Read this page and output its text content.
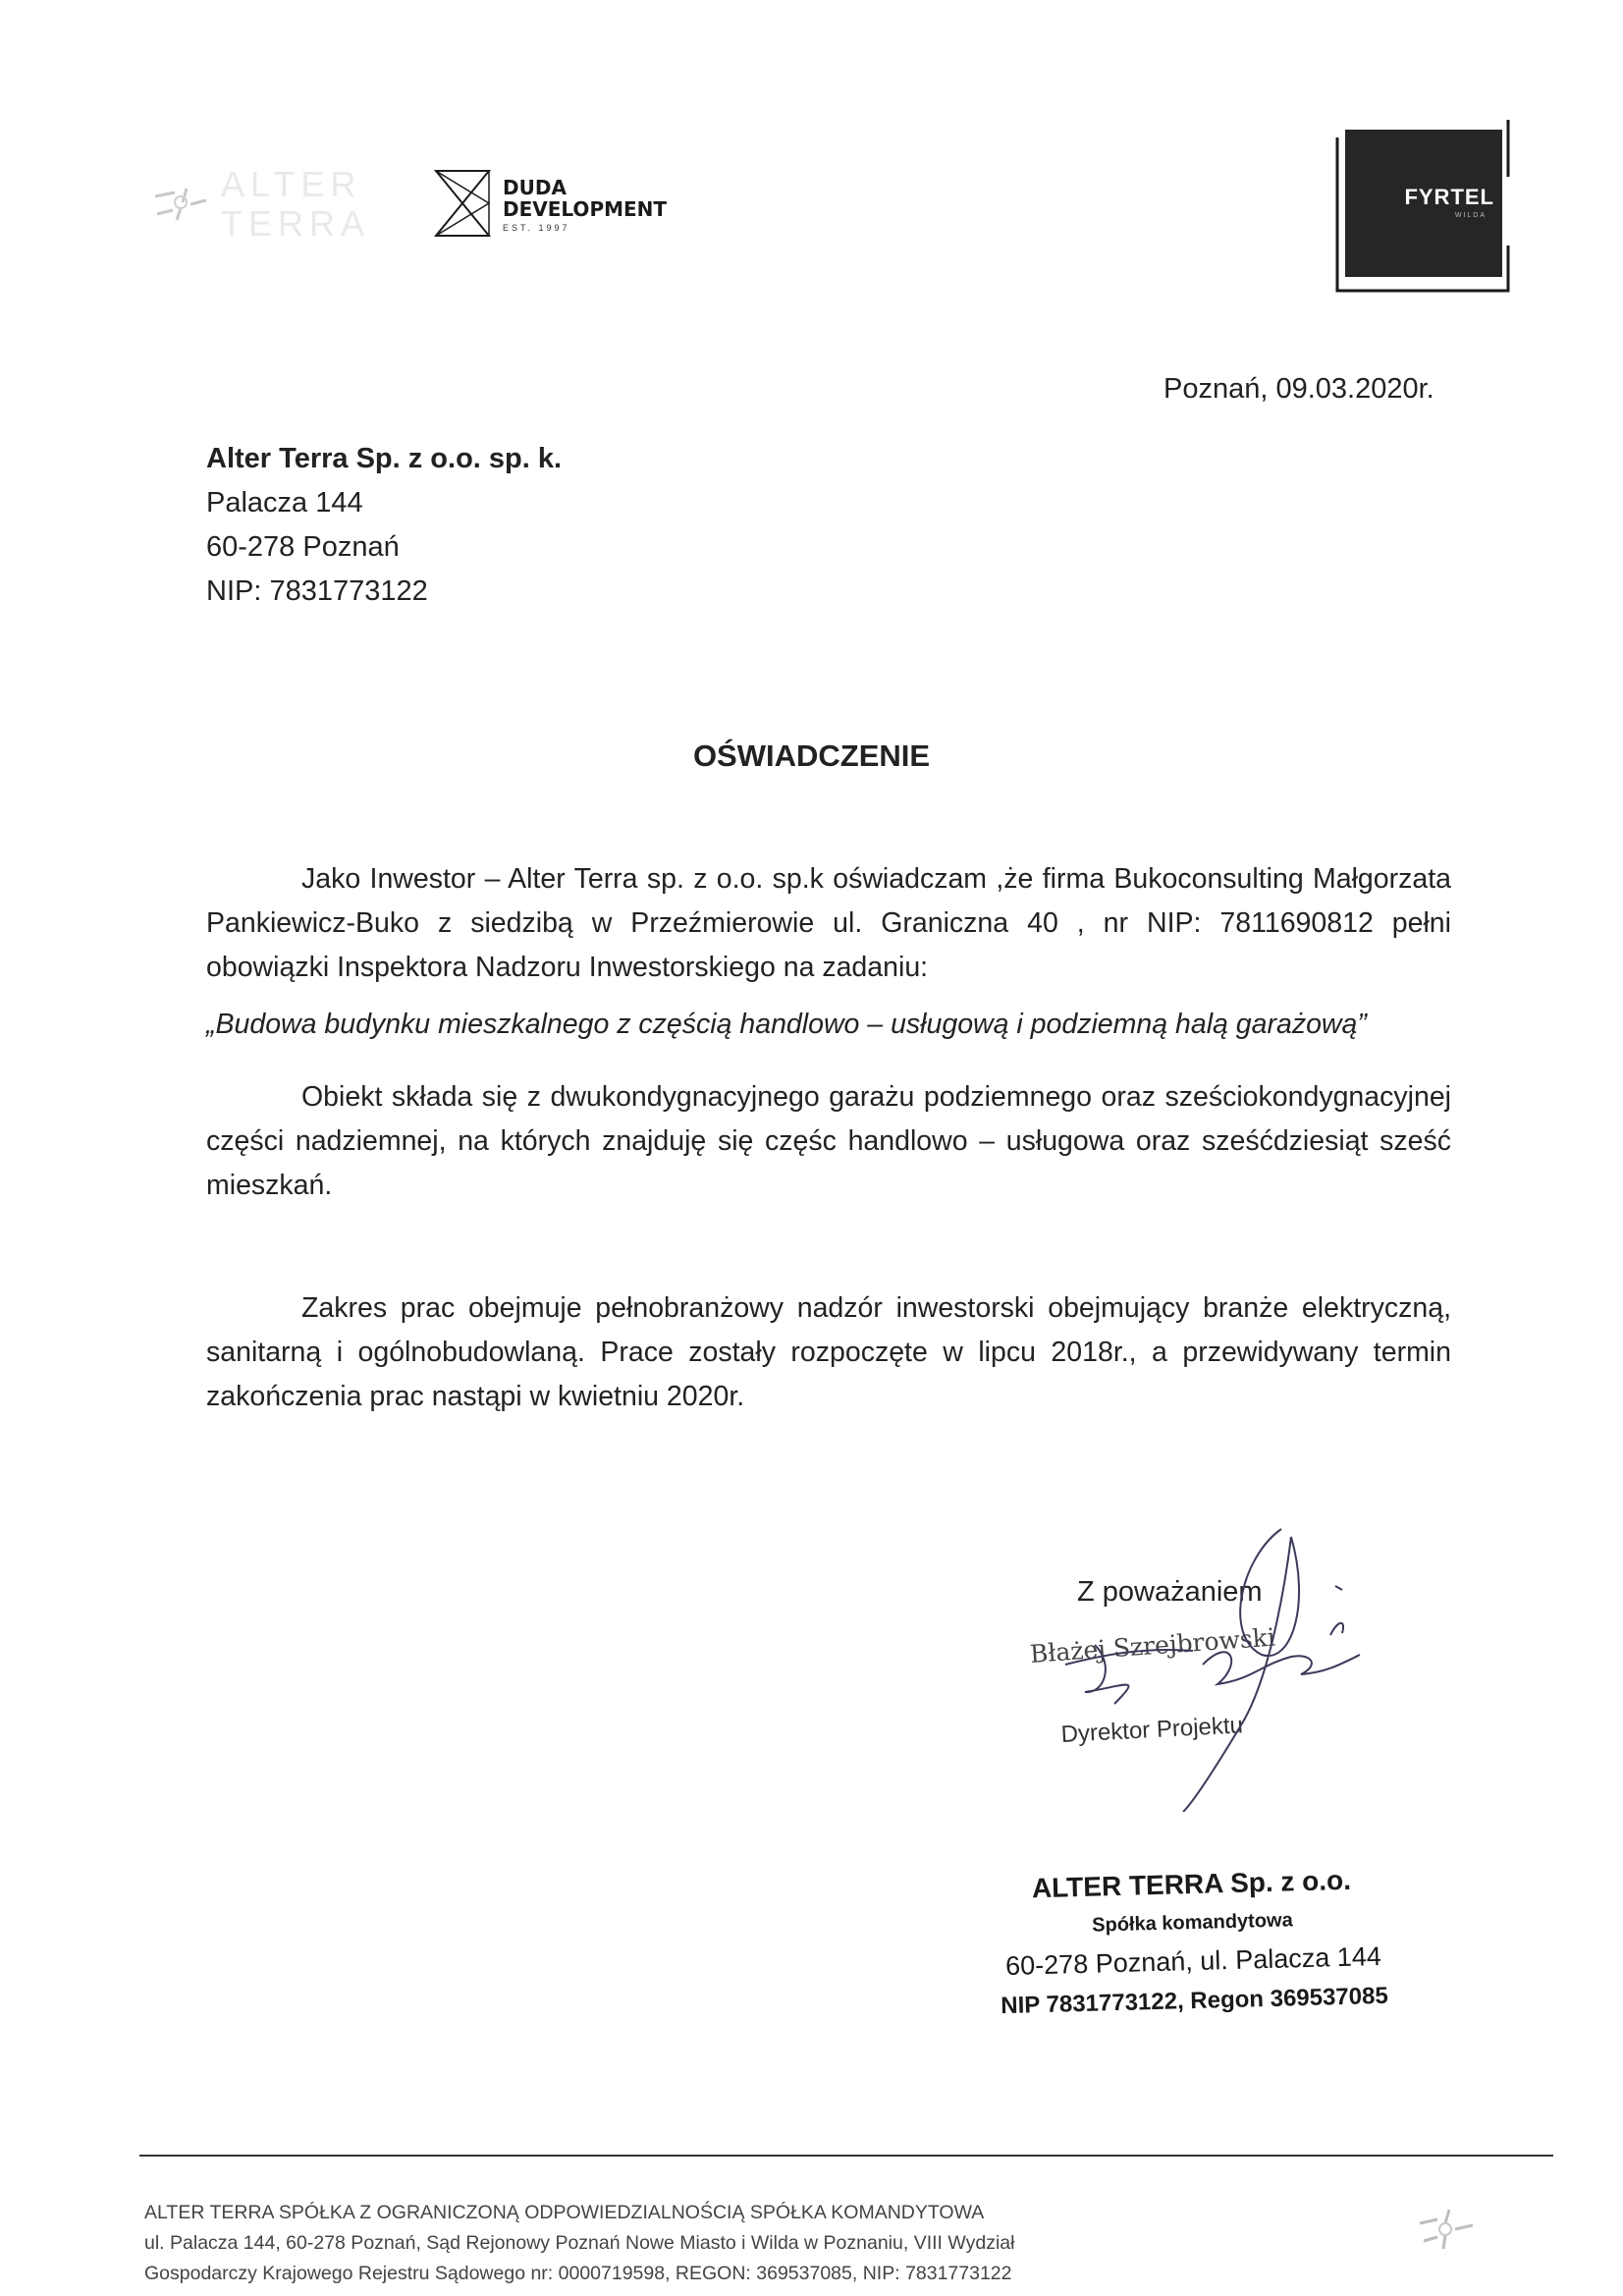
ALTER
TERRA
DUDA
DEVELOPMENT
EST. 1997
FYRTEL
WILDA
Poznań, 09.03.2020r.
Alter Terra Sp. z o.o. sp. k.
Palacza 144
60-278 Poznań
NIP: 7831773122
OŚWIADCZENIE
Jako Inwestor – Alter Terra sp. z o.o. sp.k oświadczam ,że firma Bukoconsulting Małgorzata Pankiewicz-Buko z siedzibą w Przeźmierowie ul. Graniczna 40 , nr NIP: 7811690812 pełni obowiązki Inspektora Nadzoru Inwestorskiego na zadaniu:
„Budowa budynku mieszkalnego z częścią handlowo – usługową i podziemną halą garażową”
Obiekt składa się z dwukondygnacyjnego garażu podziemnego oraz sześciokondygnacyjnej części nadziemnej, na których znajduję się częśc handlowo – usługowa oraz sześćdziesiąt sześć mieszkań.
Zakres prac obejmuje pełnobranżowy nadzór inwestorski obejmujący branże elektryczną, sanitarną i ogólnobudowlaną. Prace zostały rozpoczęte w lipcu 2018r., a przewidywany termin zakończenia prac nastąpi w kwietniu 2020r.
Z poważaniem
Błażej Szrejbrowski
Dyrektor Projektu
ALTER TERRA Sp. z o.o.
Spółka komandytowa
60-278 Poznań, ul. Palacza 144
NIP 7831773122, Regon 369537085
ALTER TERRA SPÓŁKA Z OGRANICZONĄ ODPOWIEDZIALNOŚCIĄ SPÓŁKA KOMANDYTOWA
ul. Palacza 144, 60-278 Poznań, Sąd Rejonowy Poznań Nowe Miasto i Wilda w Poznaniu, VIII Wydział
Gospodarczy Krajowego Rejestru Sądowego nr: 0000719598, REGON: 369537085, NIP: 7831773122
